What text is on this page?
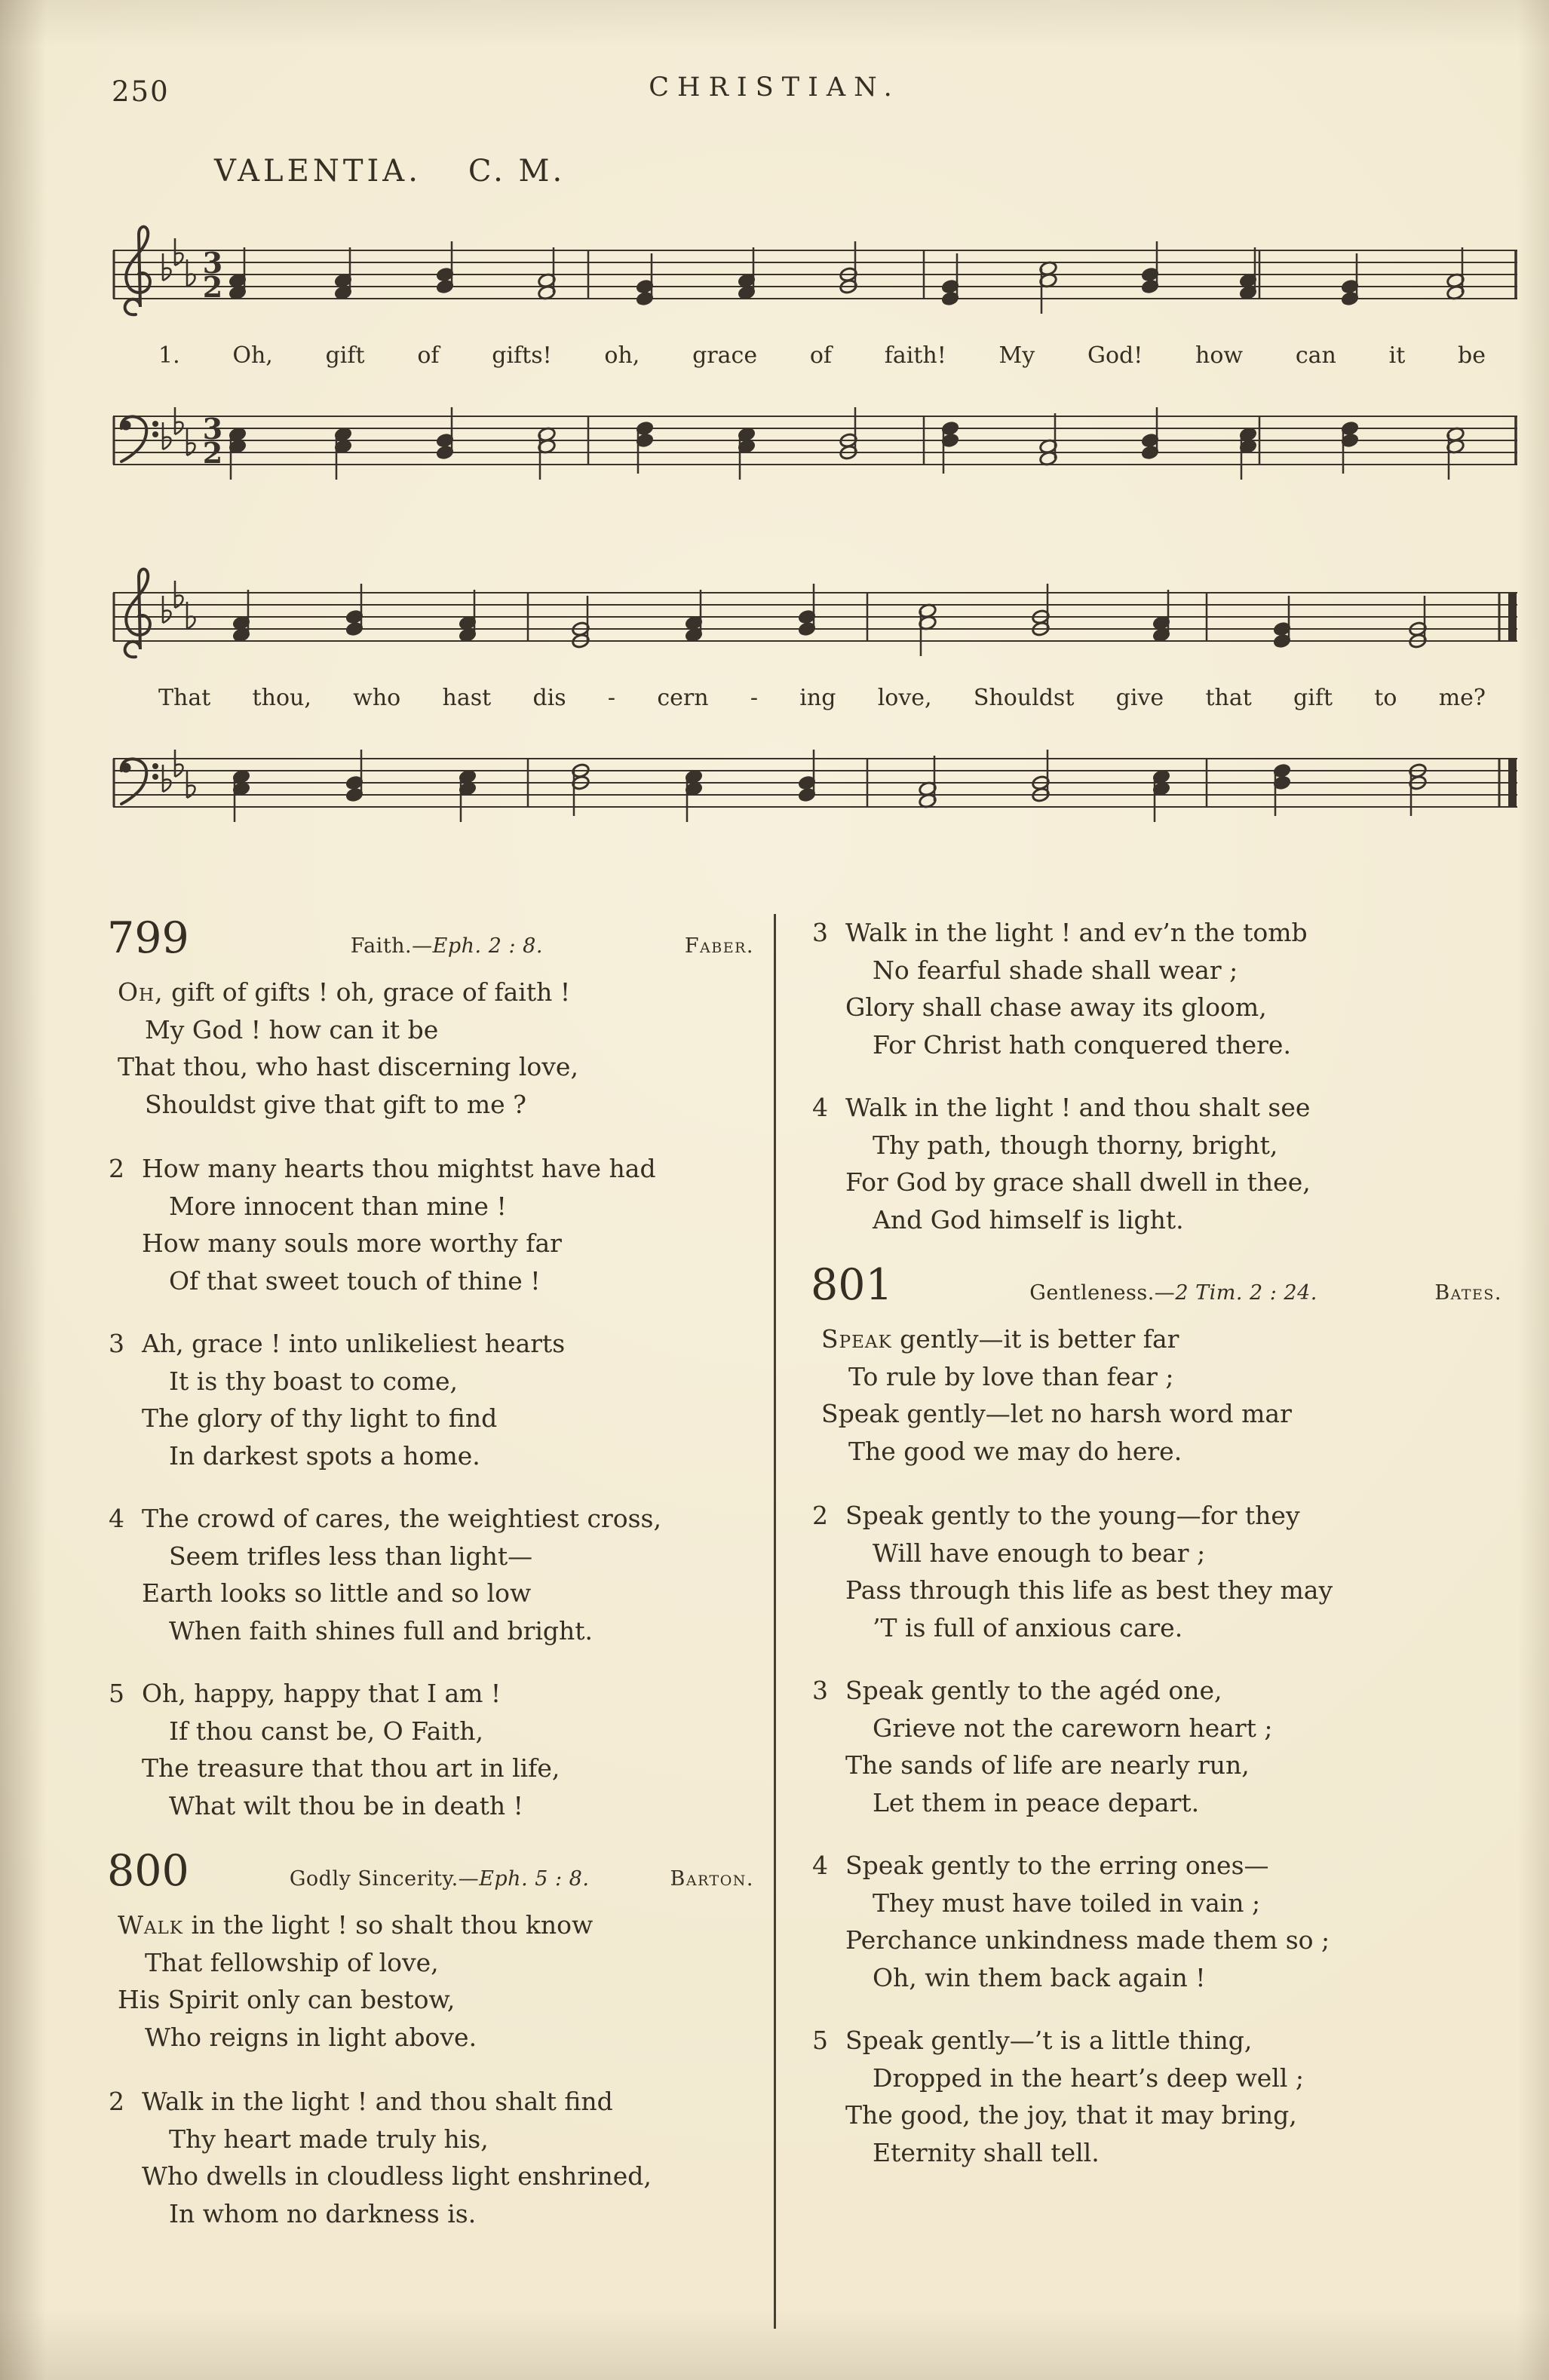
250	CHRISTIAN.
VALENTIA. C. M.
3
2
1. Oh, gift of gifts! oh, grace of faith! My God! how can it be
3
2
That thou, who hast dis - cern - ing love, Shouldst give that gift to me?
799	Faith.—Eph. 2 : 8.	Faber.
Oh, gift of gifts ! oh, grace of faith !
My God ! how can it be
That thou, who hast discerning love,
Shouldst give that gift to me ?
2 How many hearts thou mightst have had
More innocent than mine !
How many souls more worthy far
Of that sweet touch of thine !
3 Ah, grace ! into unlikeliest hearts
It is thy boast to come,
The glory of thy light to find
In darkest spots a home.
4 The crowd of cares, the weightiest cross,
Seem trifles less than light—
Earth looks so little and so low
When faith shines full and bright.
5 Oh, happy, happy that I am !
If thou canst be, O Faith,
The treasure that thou art in life,
What wilt thou be in death !
800	Godly Sincerity.—Eph. 5 : 8.	Barton.
Walk in the light ! so shalt thou know
That fellowship of love,
His Spirit only can bestow,
Who reigns in light above.
2 Walk in the light ! and thou shalt find
Thy heart made truly his,
Who dwells in cloudless light enshrined,
In whom no darkness is.
3 Walk in the light ! and ev’n the tomb
No fearful shade shall wear ;
Glory shall chase away its gloom,
For Christ hath conquered there.
4 Walk in the light ! and thou shalt see
Thy path, though thorny, bright,
For God by grace shall dwell in thee,
And God himself is light.
801	Gentleness.—2 Tim. 2 : 24.	Bates.
Speak gently—it is better far
To rule by love than fear ;
Speak gently—let no harsh word mar
The good we may do here.
2 Speak gently to the young—for they
Will have enough to bear ;
Pass through this life as best they may
’T is full of anxious care.
3 Speak gently to the agéd one,
Grieve not the careworn heart ;
The sands of life are nearly run,
Let them in peace depart.
4 Speak gently to the erring ones—
They must have toiled in vain ;
Perchance unkindness made them so ;
Oh, win them back again !
5 Speak gently—’t is a little thing,
Dropped in the heart’s deep well ;
The good, the joy, that it may bring,
Eternity shall tell.
